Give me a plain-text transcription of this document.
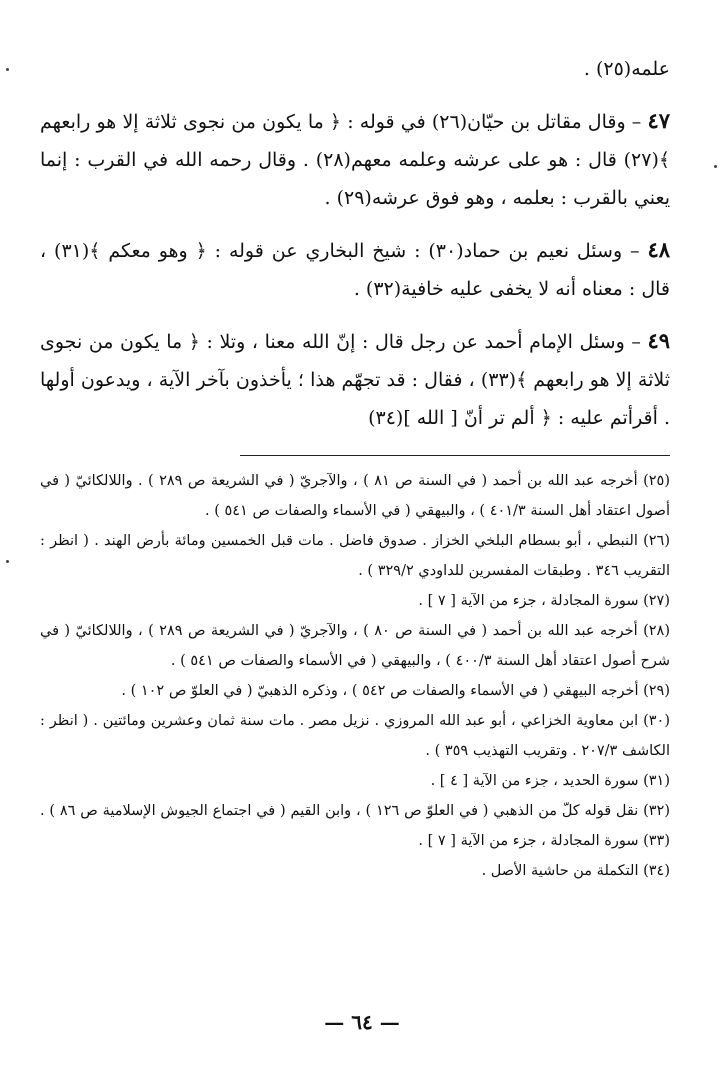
علمه(٢٥) .

٤٧ – وقال مقاتل بن حيّان(٢٦) في قوله : ﴿ ما يكون من نجوى ثلاثة إلا هو رابعهم ﴾(٢٧) قال : هو على عرشه وعلمه معهم(٢٨) . وقال رحمه الله في القرب : إنما يعني بالقرب : بعلمه ، وهو فوق عرشه(٢٩) .

٤٨ – وسئل نعيم بن حماد(٣٠) : شيخ البخاري عن قوله : ﴿ وهو معكم ﴾(٣١) ، قال : معناه أنه لا يخفى عليه خافية(٣٢) .

٤٩ – وسئل الإمام أحمد عن رجل قال : إنّ الله معنا ، وتلا : ﴿ ما يكون من نجوى ثلاثة إلا هو رابعهم ﴾(٣٣) ، فقال : قد تجهّم هذا ؛ يأخذون بآخر الآية ، ويدعون أولها . أقرأتم عليه : ﴿ ألم تر أنّ [ الله ](٣٤)

(٢٥) أخرجه عبد الله بن أحمد ( في السنة ص ٨١ ) ، والآجريّ ( في الشريعة ص ٢٨٩ ) . واللالكائيّ ( في أصول اعتقاد أهل السنة ٤٠١/٣ ) ، والبيهقي ( في الأسماء والصفات ص ٥٤١ ) .

(٢٦) النبطي ، أبو بسطام البلخي الخزاز . صدوق فاضل . مات قبل الخمسين ومائة بأرض الهند . ( انظر : التقريب ٣٤٦ . وطبقات المفسرين للداودي ٣٢٩/٢ ) .

(٢٧) سورة المجادلة ، جزء من الآية [ ٧ ] .

(٢٨) أخرجه عبد الله بن أحمد ( في السنة ص ٨٠ ) ، والآجريّ ( في الشريعة ص ٢٨٩ ) ، واللالكائيّ ( في شرح أصول اعتقاد أهل السنة ٤٠٠/٣ ) ، والبيهقي ( في الأسماء والصفات ص ٥٤١ ) .

(٢٩) أخرجه البيهقي ( في الأسماء والصفات ص ٥٤٢ ) ، وذكره الذهبيّ ( في العلوّ ص ١٠٢ ) .

(٣٠) ابن معاوية الخزاعي ، أبو عبد الله المروزي . نزيل مصر . مات سنة ثمان وعشرين ومائتين . ( انظر : الكاشف ٢٠٧/٣ . وتقريب التهذيب ٣٥٩ ) .

(٣١) سورة الحديد ، جزء من الآية [ ٤ ] .

(٣٢) نقل قوله كلّ من الذهبي ( في العلوّ ص ١٢٦ ) ، وابن القيم ( في اجتماع الجيوش الإسلامية ص ٨٦ ) . (٣٣) سورة المجادلة ، جزء من الآية [ ٧ ] .

(٣٤) التكملة من حاشية الأصل .

— ٦٤ —
